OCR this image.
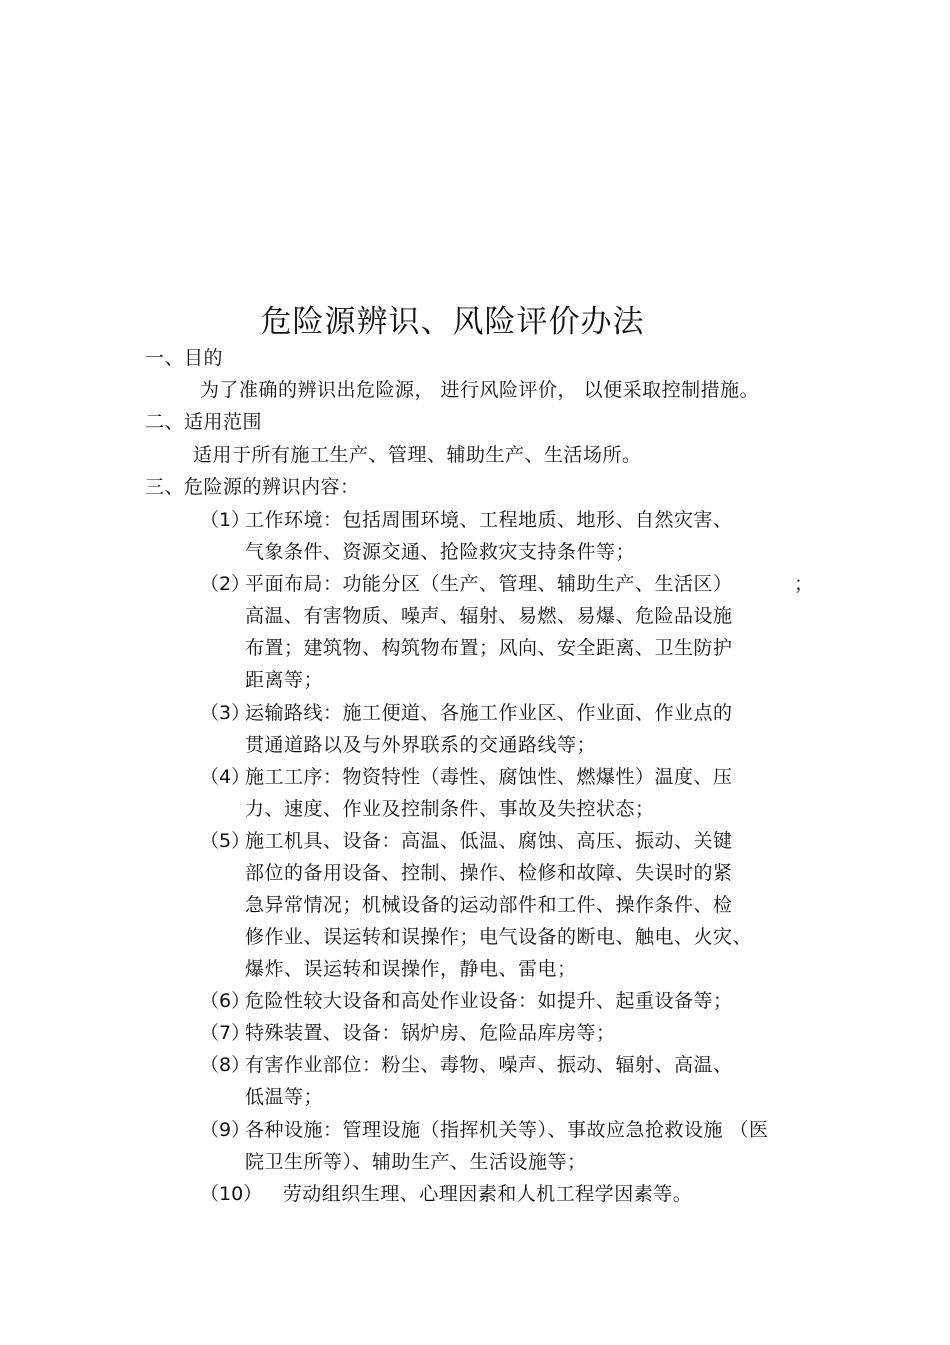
危险源辨识、风险评价办法
一、目的
为了准确的辨识出危险源， 进行风险评价， 以便采取控制措施。
二、适用范围
适用于所有施工生产、管理、辅助生产、生活场所。
三、危险源的辨识内容：
（1）
工作环境：包括周围环境、工程地质、地形、自然灾害、
气象条件、资源交通、抢险救灾支持条件等；
（2）
平面布局：功能分区（生产、管理、辅助生产、生活区）	；
高温、有害物质、噪声、辐射、易燃、易爆、危险品设施
布置；建筑物、构筑物布置；风向、安全距离、卫生防护
距离等；
（3）
运输路线：施工便道、各施工作业区、作业面、作业点的
贯通道路以及与外界联系的交通路线等；
（4）
施工工序：物资特性（毒性、腐蚀性、燃爆性）温度、压
力、速度、作业及控制条件、事故及失控状态；
（5）
施工机具、设备：高温、低温、腐蚀、高压、振动、关键
部位的备用设备、控制、操作、检修和故障、失误时的紧
急异常情况；机械设备的运动部件和工件、操作条件、检
修作业、误运转和误操作；电气设备的断电、触电、火灾、
爆炸、误运转和误操作，静电、雷电；
（6）
危险性较大设备和高处作业设备：如提升、起重设备等；
（7）
特殊装置、设备：锅炉房、危险品库房等；
（8）
有害作业部位：粉尘、毒物、噪声、振动、辐射、高温、
低温等；
（9）
各种设施：管理设施（指挥机关等）、事故应急抢救设施 （医
院卫生所等）、辅助生产、生活设施等；
（10）
劳动组织生理、心理因素和人机工程学因素等。
